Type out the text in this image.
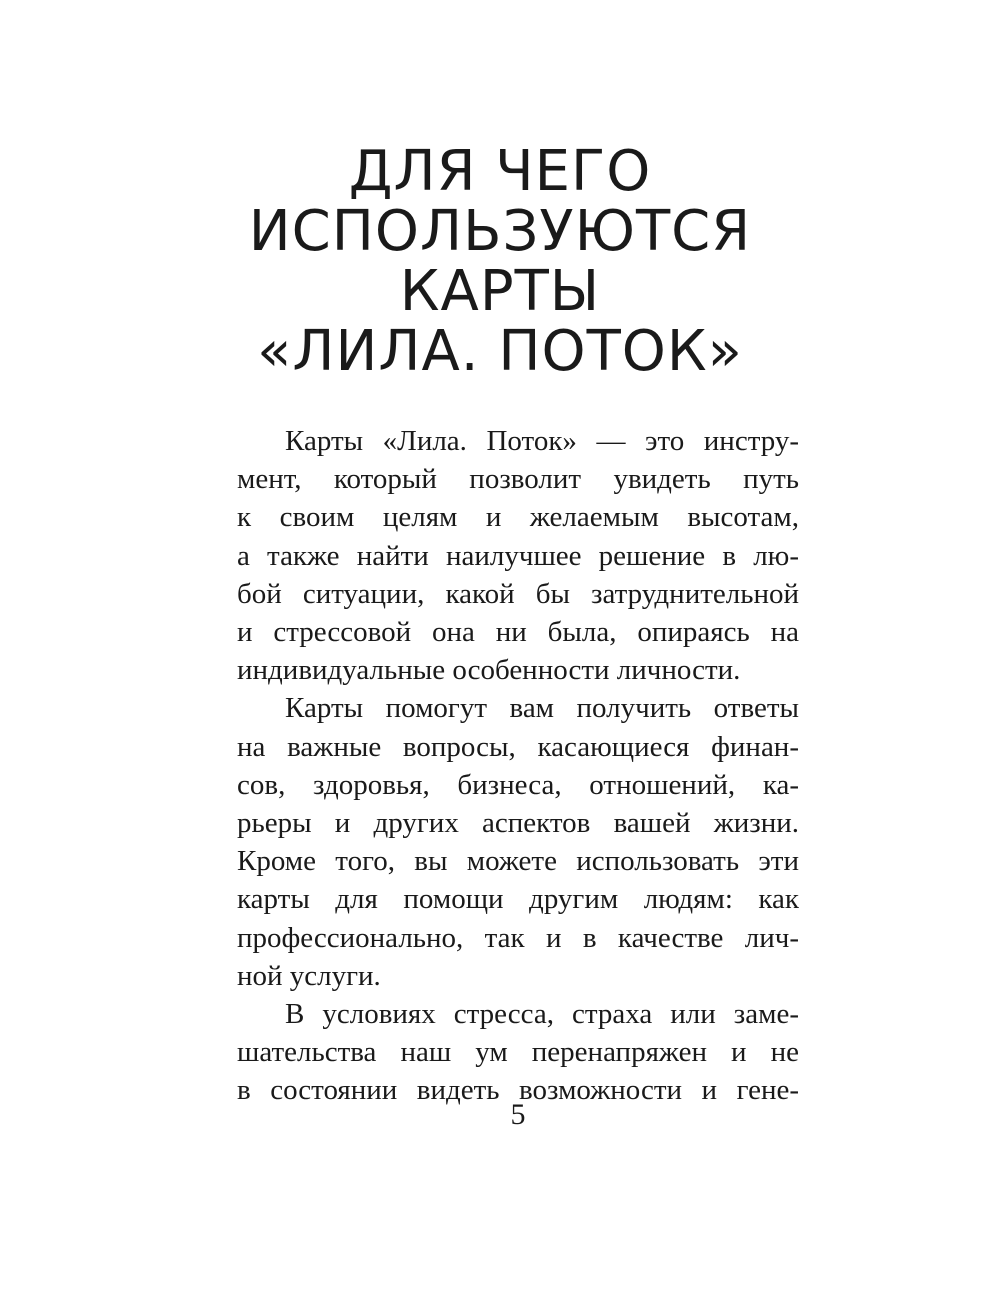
ДЛЯ ЧЕГО
ИСПОЛЬЗУЮТСЯ
КАРТЫ
«ЛИЛА. ПОТОК»

Карты «Лила. Поток» — это инстру-
мент, который позволит увидеть путь
к своим целям и желаемым высотам,
а также найти наилучшее решение в лю-
бой ситуации, какой бы затруднительной
и стрессовой она ни была, опираясь на
индивидуальные особенности личности.

Карты помогут вам получить ответы
на важные вопросы, касающиеся финан-
сов, здоровья, бизнеса, отношений, ка-
рьеры и других аспектов вашей жизни.
Кроме того, вы можете использовать эти
карты для помощи другим людям: как
профессионально, так и в качестве лич-
ной услуги.

В условиях стресса, страха или заме-
шательства наш ум перенапряжен и не
в состоянии видеть возможности и гене-

5
